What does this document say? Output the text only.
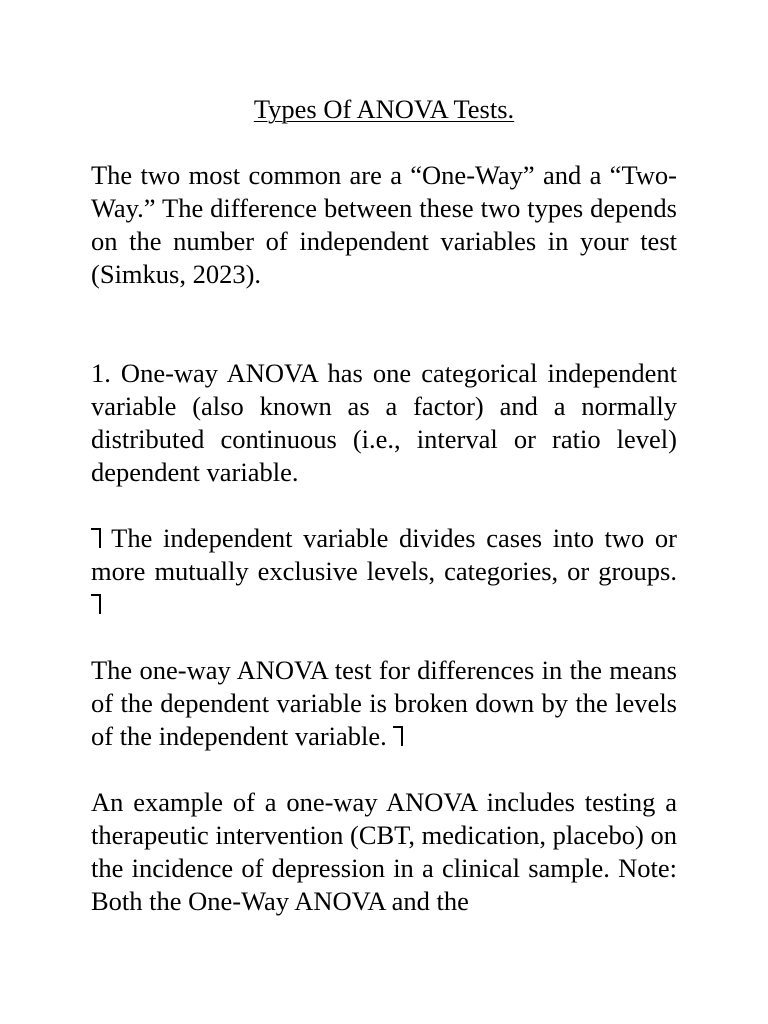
Types Of ANOVA Tests.

The two most common are a “One-Way” and a “Two-Way.” The difference between these two types depends on the number of independent variables in your test (Simkus, 2023).

1. One-way ANOVA has one categorical independent variable (also known as a factor) and a normally distributed continuous (i.e., interval or ratio level) dependent variable.

The independent variable divides cases into two or more mutually exclusive levels, categories, or groups.

The one-way ANOVA test for differences in the means of the dependent variable is broken down by the levels of the independent variable.

An example of a one-way ANOVA includes testing a therapeutic intervention (CBT, medication, placebo) on the incidence of depression in a clinical sample. Note: Both the One-Way ANOVA and the
